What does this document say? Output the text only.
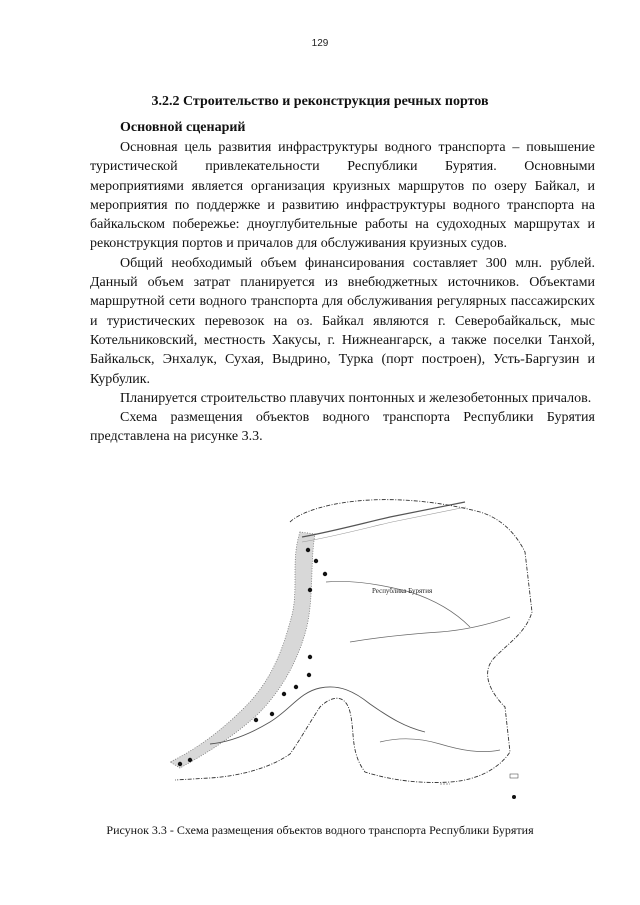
129
3.2.2 Строительство и реконструкция речных портов
Основной сценарий

Основная цель развития инфраструктуры водного транспорта – повышение туристической привлекательности Республики Бурятия. Основными мероприятиями является организация круизных маршрутов по озеру Байкал, и мероприятия по поддержке и развитию инфраструктуры водного транспорта на байкальском побережье: дноуглубительные работы на судоходных маршрутах и реконструкция портов и причалов для обслуживания круизных судов.

Общий необходимый объем финансирования составляет 300 млн. рублей. Данный объем затрат планируется из внебюджетных источников. Объектами маршрутной сети водного транспорта для обслуживания регулярных пассажирских и туристических перевозок на оз. Байкал являются г. Северобайкальск, мыс Котельниковский, местность Хакусы, г. Нижнеангарск, а также поселки Танхой, Байкальск, Энхалук, Сухая, Выдрино, Турка (порт построен), Усть-Баргузин и Курбулик.

Планируется строительство плавучих понтонных и железобетонных причалов.

Схема размещения объектов водного транспорта Республики Бурятия представлена на рисунке 3.3.

Республика Бурятия
Рисунок 3.3 - Схема размещения объектов водного транспорта Республики Бурятия
